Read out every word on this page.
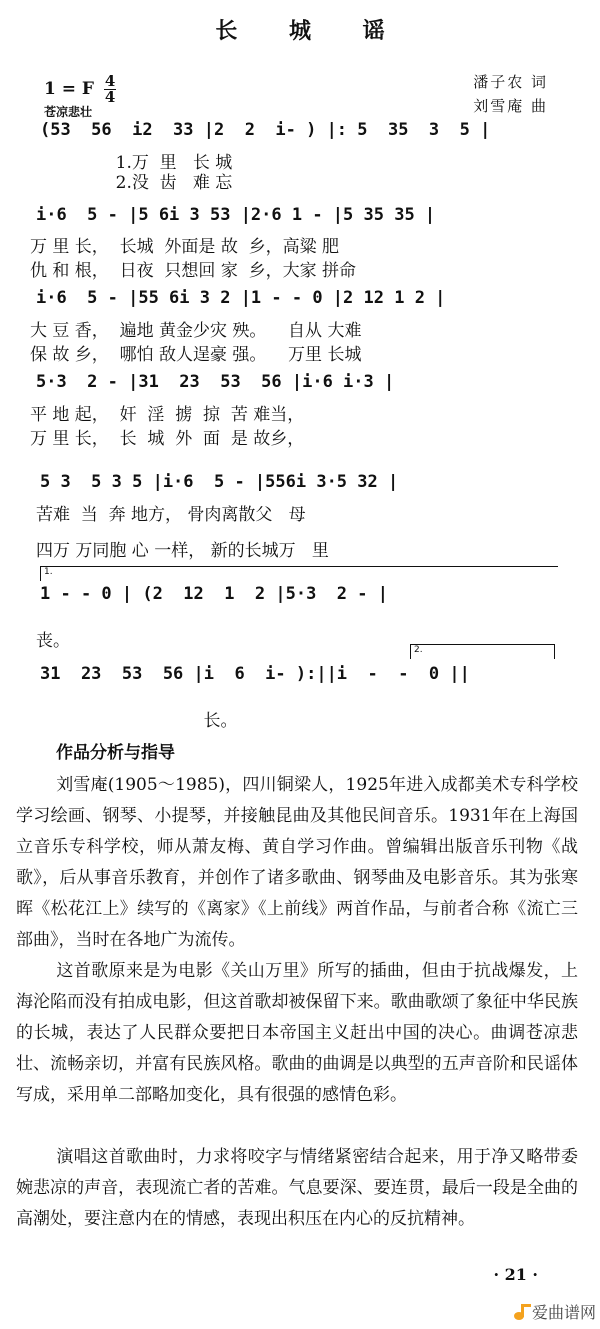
长 城 谣
1 = F $\frac{4}{4}$
苍凉悲壮
潘子农 词
刘雪庵 曲
(53  56  i2  33 |2  2  i- ) |: 5  35  3  5 |
1.万  里   长 城
2.没  齿   难 忘
i·6  5 - |5 6i 3 53 |2·6 1 - |5 35 35 |
万 里 长，  长城  外面是 故  乡，高粱 肥
仇 和 根，  日夜  只想回 家  乡，大家 拼命
i·6  5 - |55 6i 3 2 |1 - - 0 |2 12 1 2 |
大 豆 香，  遍地 黄金少灾 殃。    自从 大难
保 故 乡，  哪怕 敌人逞豪 强。    万里 长城
5·3  2 - |31  23  53  56 |i·6 i·3 |
平 地 起，  奸  淫  掳  掠  苦 难当，
万 里 长，  长  城  外  面  是 故乡，
5 3  5 3 5 |i·6  5 - |556i 3·5 32 |
苦难  当  奔 地方， 骨肉离散父   母
四万 万同胞 心 一样， 新的长城万   里
1.
1 - - 0 | (2  12  1  2 |5·3  2 - |
丧。
31  23  53  56 |i  6  i- ):||i  -  -  0 ||
2.
长。
作品分析与指导
刘雪庵(1905～1985)，四川铜梁人，1925年进入成都美术专科学校学习绘画、钢琴、小提琴，并接触昆曲及其他民间音乐。1931年在上海国立音乐专科学校，师从萧友梅、黄自学习作曲。曾编辑出版音乐刊物《战歌》，后从事音乐教育，并创作了诸多歌曲、钢琴曲及电影音乐。其为张寒晖《松花江上》续写的《离家》《上前线》两首作品，与前者合称《流亡三部曲》，当时在各地广为流传。
这首歌原来是为电影《关山万里》所写的插曲，但由于抗战爆发，上海沦陷而没有拍成电影，但这首歌却被保留下来。歌曲歌颂了象征中华民族的长城，表达了人民群众要把日本帝国主义赶出中国的决心。曲调苍凉悲壮、流畅亲切，并富有民族风格。歌曲的曲调是以典型的五声音阶和民谣体写成，采用单二部略加变化，具有很强的感情色彩。
演唱这首歌曲时，力求将咬字与情绪紧密结合起来，用于净又略带委婉悲凉的声音，表现流亡者的苦难。气息要深、要连贯，最后一段是全曲的高潮处，要注意内在的情感，表现出积压在内心的反抗精神。
· 21 ·
爱曲谱网
